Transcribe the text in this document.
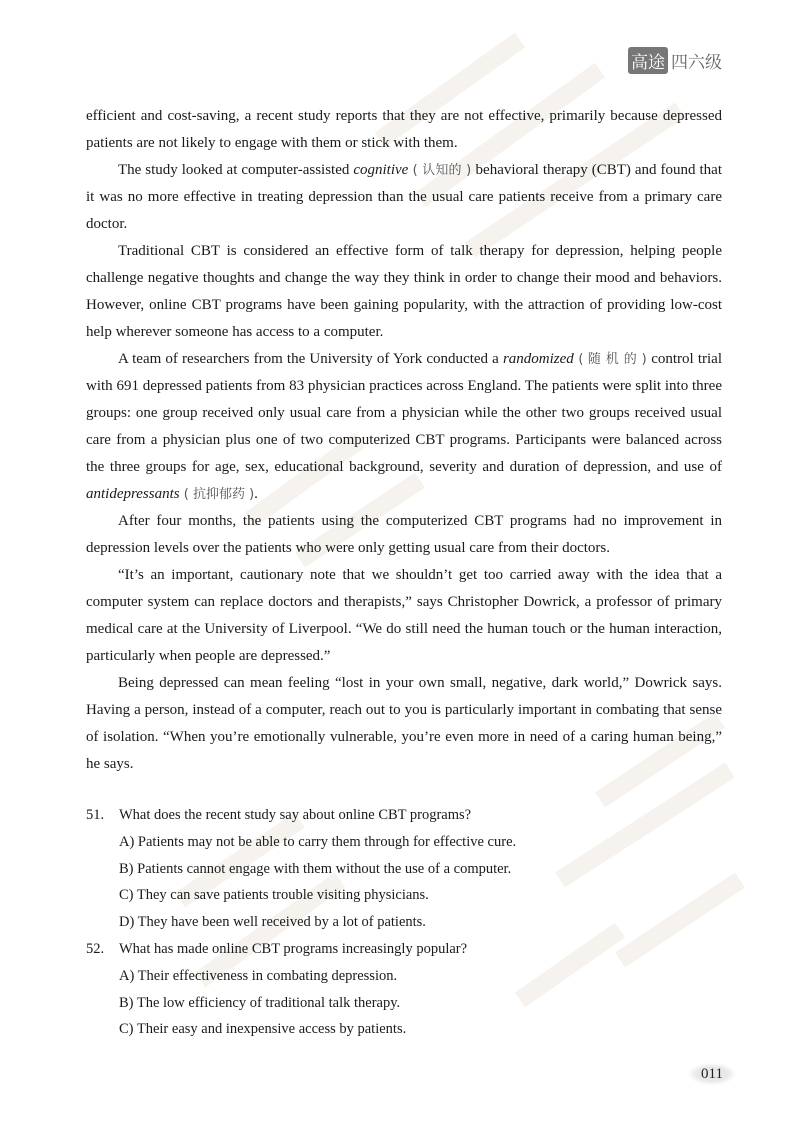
高途 四六级

efficient and cost-saving, a recent study reports that they are not effective, primarily because depressed patients are not likely to engage with them or stick with them.

The study looked at computer-assisted cognitive ( 认知的 ) behavioral therapy (CBT) and found that it was no more effective in treating depression than the usual care patients receive from a primary care doctor.

Traditional CBT is considered an effective form of talk therapy for depression, helping people challenge negative thoughts and change the way they think in order to change their mood and behaviors. However, online CBT programs have been gaining popularity, with the attraction of providing low-cost help wherever someone has access to a computer.

A team of researchers from the University of York conducted a randomized ( 随 机 的 ) control trial with 691 depressed patients from 83 physician practices across England. The patients were split into three groups: one group received only usual care from a physician while the other two groups received usual care from a physician plus one of two computerized CBT programs. Participants were balanced across the three groups for age, sex, educational background, severity and duration of depression, and use of antidepressants ( 抗抑郁药 ).

After four months, the patients using the computerized CBT programs had no improvement in depression levels over the patients who were only getting usual care from their doctors.

“It’s an important, cautionary note that we shouldn’t get too carried away with the idea that a computer system can replace doctors and therapists,” says Christopher Dowrick, a professor of primary medical care at the University of Liverpool. “We do still need the human touch or the human interaction, particularly when people are depressed.”

Being depressed can mean feeling “lost in your own small, negative, dark world,” Dowrick says. Having a person, instead of a computer, reach out to you is particularly important in combating that sense of isolation. “When you’re emotionally vulnerable, you’re even more in need of a caring human being,” he says.

51.	What does the recent study say about online CBT programs?
A) Patients may not be able to carry them through for effective cure.
B) Patients cannot engage with them without the use of a computer.
C) They can save patients trouble visiting physicians.
D) They have been well received by a lot of patients.
52.	What has made online CBT programs increasingly popular?
A) Their effectiveness in combating depression.
B) The low efficiency of traditional talk therapy.
C) Their easy and inexpensive access by patients.
011
